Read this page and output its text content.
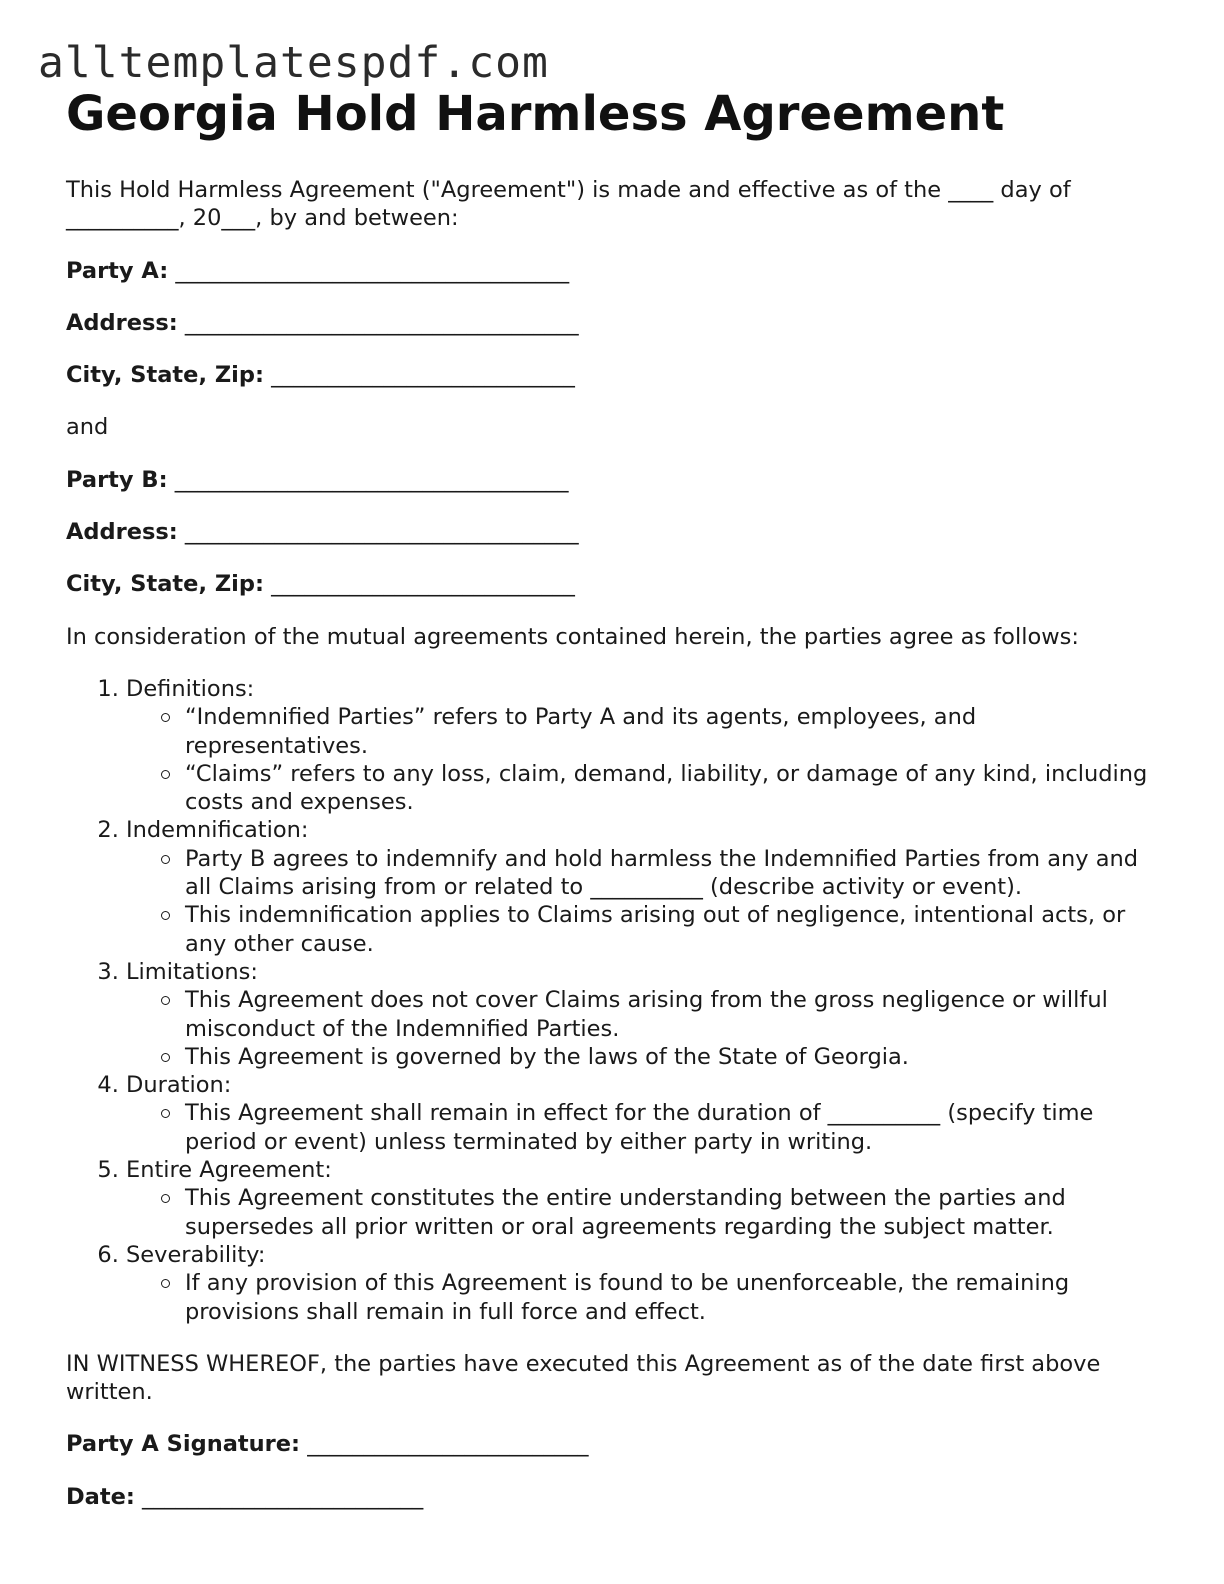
alltemplatespdf.com
Georgia Hold Harmless Agreement

This Hold Harmless Agreement ("Agreement") is made and effective as of the ____ day of __________, 20___, by and between:

Party A: ___________________________________

Address: ___________________________________

City, State, Zip: ___________________________

and

Party B: ___________________________________

Address: ___________________________________

City, State, Zip: ___________________________

In consideration of the mutual agreements contained herein, the parties agree as follows:

1. Definitions:
“Indemnified Parties” refers to Party A and its agents, employees, and representatives.
“Claims” refers to any loss, claim, demand, liability, or damage of any kind, including costs and expenses.
2. Indemnification:
Party B agrees to indemnify and hold harmless the Indemnified Parties from any and all Claims arising from or related to __________ (describe activity or event).
This indemnification applies to Claims arising out of negligence, intentional acts, or any other cause.
3. Limitations:
This Agreement does not cover Claims arising from the gross negligence or willful misconduct of the Indemnified Parties.
This Agreement is governed by the laws of the State of Georgia.
4. Duration:
This Agreement shall remain in effect for the duration of __________ (specify time period or event) unless terminated by either party in writing.
5. Entire Agreement:
This Agreement constitutes the entire understanding between the parties and supersedes all prior written or oral agreements regarding the subject matter.
6. Severability:
If any provision of this Agreement is found to be unenforceable, the remaining provisions shall remain in full force and effect.

IN WITNESS WHEREOF, the parties have executed this Agreement as of the date first above written.

Party A Signature: _________________________

Date: _________________________
